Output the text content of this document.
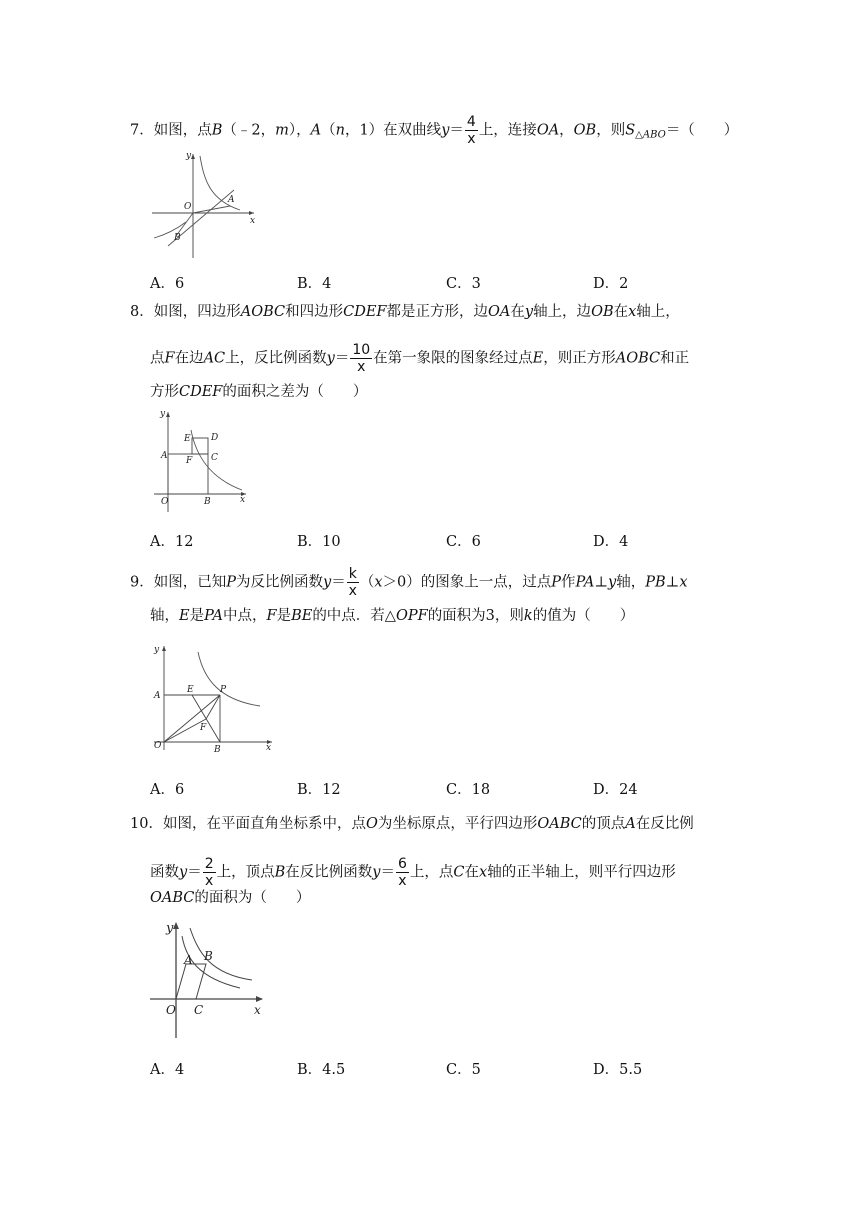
7．如图，点B（﹣2，m），A（n，1）在双曲线$y= \frac{4}{x}$ 上，连接OA，OB，则$S_{\triangle ABO}=$（　　）
y
x
O
A
B
A．6	B．4	C．3	D．2
8．如图，四边形AOBC和四边形CDEF都是正方形，边OA在y轴上，边OB在x轴上，
点F在边AC上，反比例函数$y= \frac{10}{x}$ 在第一象限的图象经过点E，则正方形AOBC和正
方形CDEF的面积之差为（　　）
y
x
O
A
B
C
D
E
F
A．12	B．10	C．6	D．4
9．如图，已知P为反比例函数$y= \frac{k}{x} (x>0)$的图象上一点，过点P作PA⊥y轴，PB⊥x
轴，E是PA中点，F是BE的中点．若△OPF的面积为3，则k的值为（　　）
y
x
O
A
B
E
F
P
A．6	B．12	C．18	D．24
10．如图，在平面直角坐标系中，点O为坐标原点，平行四边形OABC的顶点A在反比例
函数$y= \frac{2}{x}$ 上，顶点B在反比例函数$y= \frac{6}{x}$ 上，点C在x轴的正半轴上，则平行四边形
OABC的面积为（　　）
y
x
O
A B
C
A．4	B．4.5	C．5	D．5.5
